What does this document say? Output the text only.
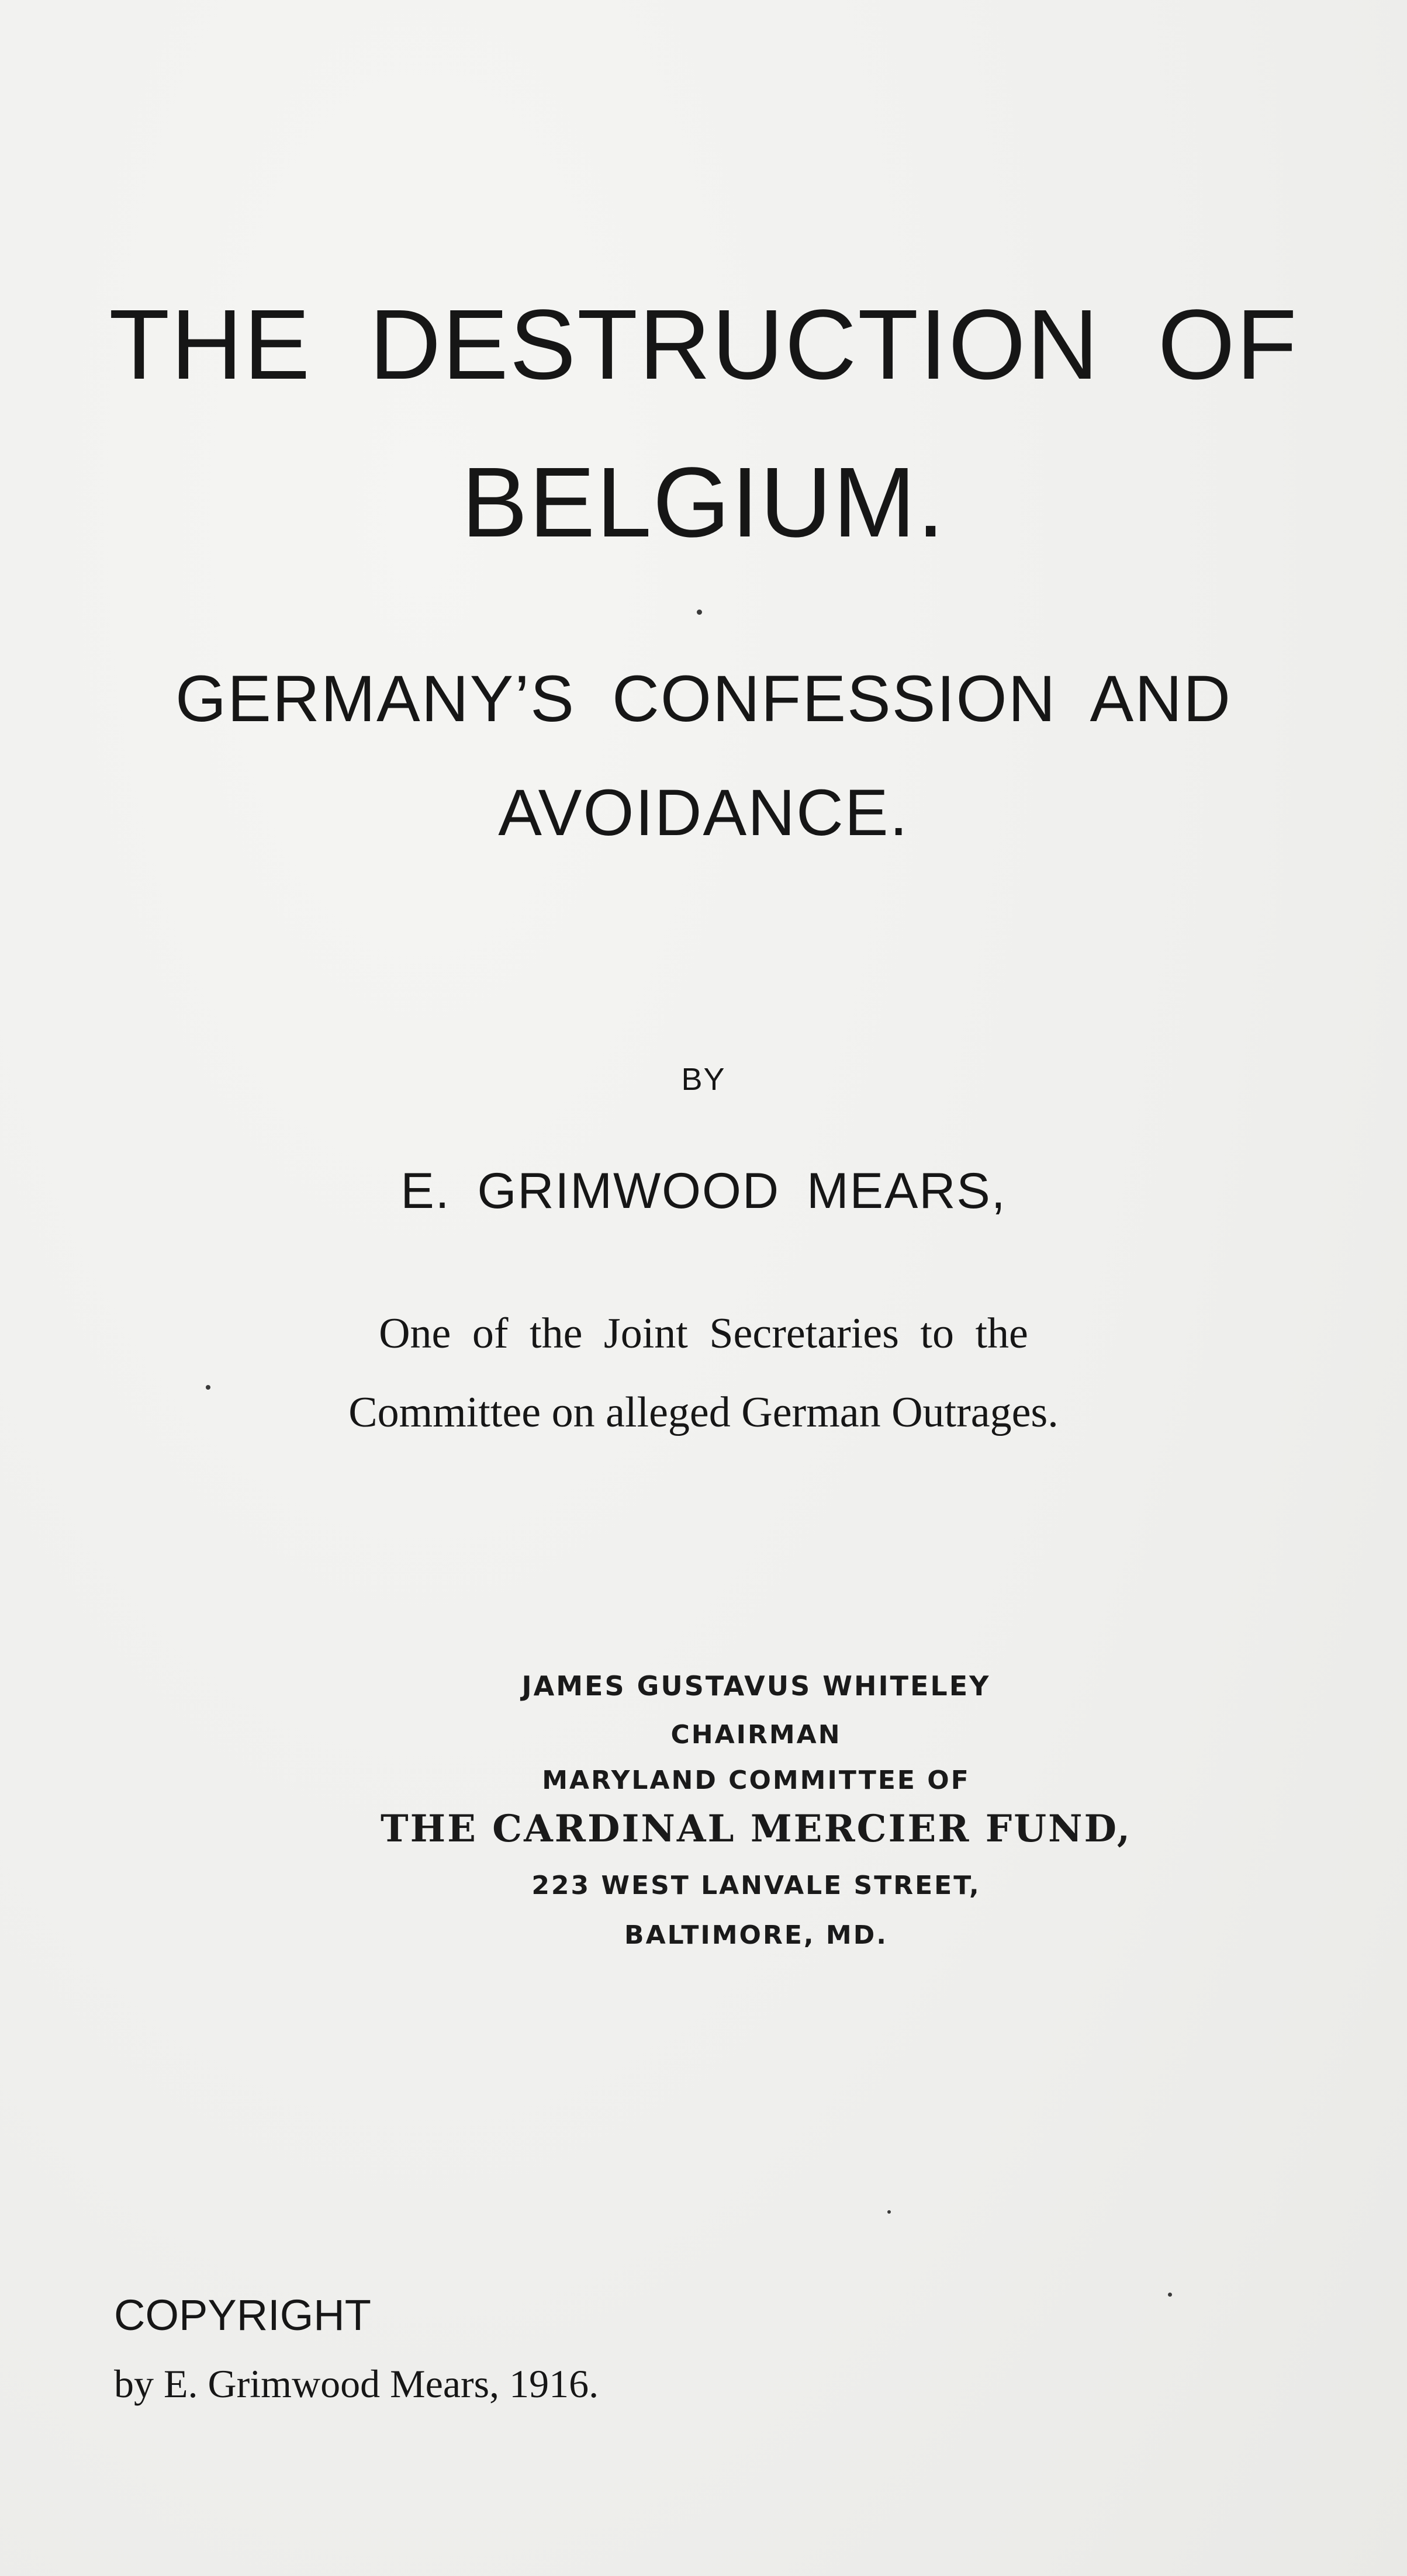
THE DESTRUCTION OF
BELGIUM.
GERMANY’S CONFESSION AND
AVOIDANCE.
BY
E. GRIMWOOD MEARS,
One of the Joint Secretaries to the
Committee on alleged German Outrages.
JAMES GUSTAVUS WHITELEY
CHAIRMAN
MARYLAND COMMITTEE OF
THE CARDINAL MERCIER FUND,
223 WEST LANVALE STREET,
BALTIMORE, MD.
COPYRIGHT
by E. Grimwood Mears, 1916.
